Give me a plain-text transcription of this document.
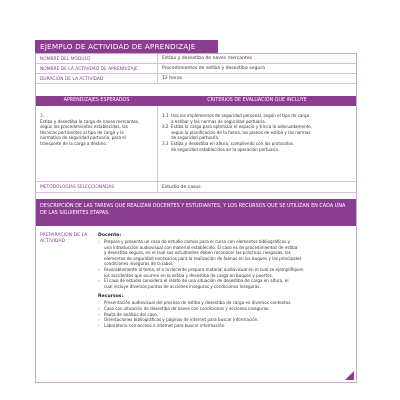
EJEMPLO DE ACTIVIDAD DE APRENDIZAJE
NOMBRE DEL MÓDULO	Estiba y desestiba de naves mercantes
NOMBRE DE LA ACTIVIDAD DE APRENDIZAJE	Procedimientos de estiba y desestiba segura
DURACIÓN DE LA ACTIVIDAD	12 horas
APRENDIZAJES ESPERADOS	CRITERIOS DE EVALUACIÓN QUE INCLUYE
3.
Estiba y desestiba la carga de naves mercantes,
según los procedimientos establecidos, las
técnicas pertinentes al tipo de carga y la
normativa de seguridad portuaria, para el
transporte de la carga a destino.
3.1 Usa los implementos de seguridad personal, según el tipo de carga
a estibar y las normas de seguridad portuaria.
3.2 Estiba la carga para optimizar el espacio y trinca la adecuadamente,
según la planificación de la faena, los planos de estiba y las normas
de seguridad portuaria.
3.3 Estiba y desestiba en altura, cumpliendo con los protocolos
de seguridad establecidos en la operación portuaria.
METODOLOGÍAS SELECCIONADAS	Estudio de casos
DESCRIPCIÓN DE LAS TAREAS QUE REALIZAN DOCENTES Y ESTUDIANTES, Y LOS RECURSOS QUE SE UTILIZAN EN CADA UNA DE LAS SIGUIENTES ETAPAS:
PREPARACIÓN DE LA ACTIVIDAD
Docente:
› Prepara y presenta un caso de estudio común para el curso con elementos bibliográficos y
una introducción audiovisual con material establecido. El caso es de procedimientos de estiba
y desestiba segura, en el cual sus estudiantes deben reconocer las prácticas riesgosas, los
elementos de seguridad necesarios para la realización de faenas en los buques y las principales
condiciones inseguras de la labor.
› Favorablemente al tema, el o la docente prepara material audiovisual en el cual se ejemplifiquen
los accidentes que ocurren en la estiba y desestiba de carga en buques y puertos.
› El caso de estudio considera el relato de una situación de desestiba de carga en altura, el
cual incluye diversos puntos de acciones inseguras y condiciones inseguras.
Recursos:
› Presentación audiovisual del proceso de estiba y desestiba de carga en diversos contextos.
› Caso con situación de desestiba de naves con condiciones y acciones inseguras.
› Pauta de análisis del caso.
› Orientaciones bibliográficas y páginas de internet para buscar información.
› Laboratorio con acceso a internet para buscar información.
